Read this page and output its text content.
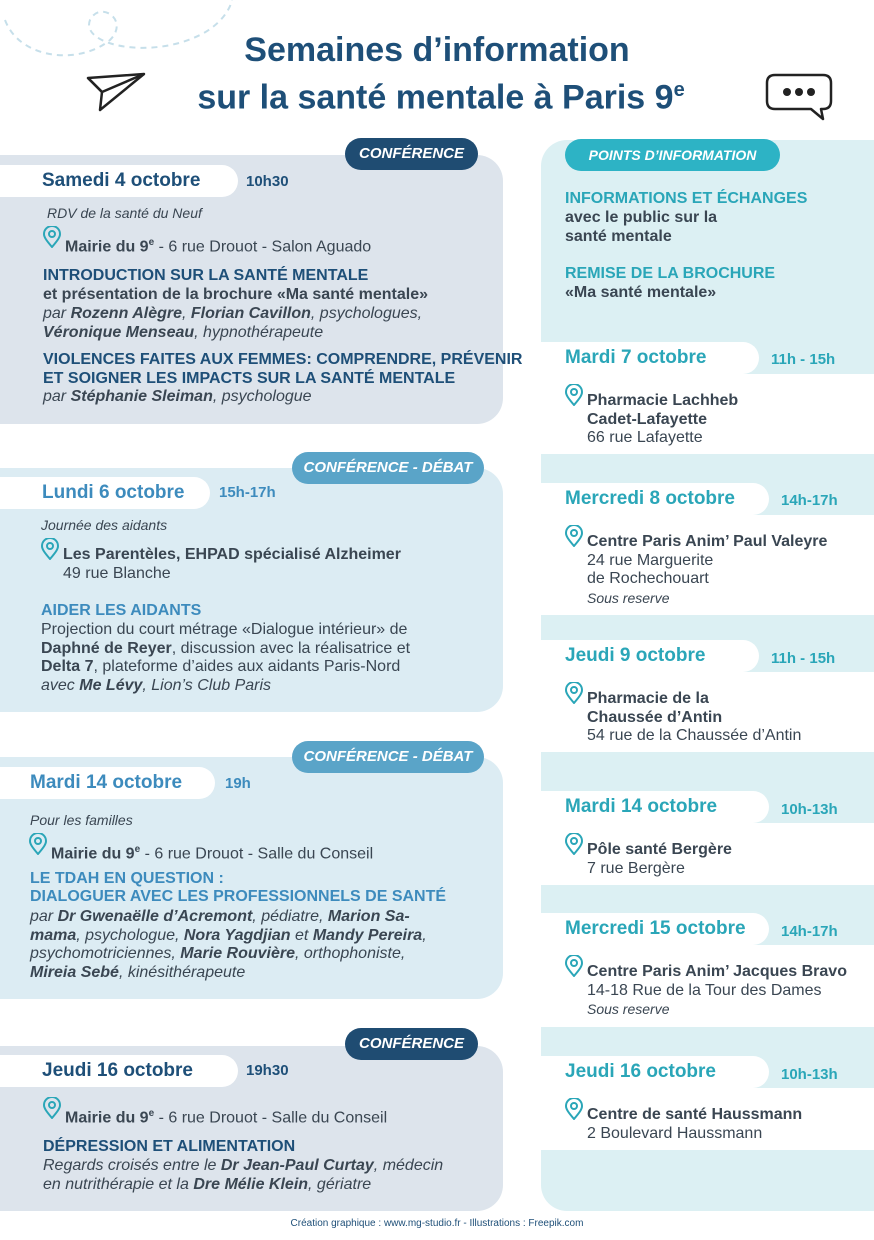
Semaines d’information
sur la santé mentale à Paris 9e
CONFÉRENCE
Samedi 4 octobre	10h30
RDV de la santé du Neuf
Mairie du 9e - 6 rue Drouot - Salon Aguado
INTRODUCTION SUR LA SANTÉ MENTALE
et présentation de la brochure «Ma santé mentale»
par Rozenn Alègre, Florian Cavillon, psychologues,
Véronique Menseau, hypnothérapeute
VIOLENCES FAITES AUX FEMMES: COMPRENDRE, PRÉVENIR
ET SOIGNER LES IMPACTS SUR LA SANTÉ MENTALE
par Stéphanie Sleiman, psychologue
CONFÉRENCE - DÉBAT
Lundi 6 octobre	15h-17h
Journée des aidants
Les Parentèles, EHPAD spécialisé Alzheimer
49 rue Blanche
AIDER LES AIDANTS
Projection du court métrage «Dialogue intérieur» de
Daphné de Reyer, discussion avec la réalisatrice et
Delta 7, plateforme d’aides aux aidants Paris-Nord
avec Me Lévy, Lion’s Club Paris
CONFÉRENCE - DÉBAT
Mardi 14 octobre	19h
Pour les familles
Mairie du 9e - 6 rue Drouot - Salle du Conseil
LE TDAH EN QUESTION :
DIALOGUER AVEC LES PROFESSIONNELS DE SANTÉ
par Dr Gwenaëlle d’Acremont, pédiatre, Marion Sa-
mama, psychologue, Nora Yagdjian et Mandy Pereira,
psychomotriciennes, Marie Rouvière, orthophoniste,
Mireia Sebé, kinésithérapeute
CONFÉRENCE
Jeudi 16 octobre	19h30
Mairie du 9e - 6 rue Drouot - Salle du Conseil
DÉPRESSION ET ALIMENTATION
Regards croisés entre le Dr Jean-Paul Curtay, médecin
en nutrithérapie et la Dre Mélie Klein, gériatre
POINTS D’INFORMATION
INFORMATIONS ET ÉCHANGES
avec le public sur la
santé mentale
REMISE DE LA BROCHURE
«Ma santé mentale»
Mardi 7 octobre	11h - 15h
Pharmacie Lachheb
Cadet-Lafayette
66 rue Lafayette
Mercredi 8 octobre	14h-17h
Centre Paris Anim’ Paul Valeyre
24 rue Marguerite
de Rochechouart
Sous reserve
Jeudi 9 octobre	11h - 15h
Pharmacie de la
Chaussée d’Antin
54 rue de la Chaussée d’Antin
Mardi 14 octobre	10h-13h
Pôle santé Bergère
7 rue Bergère
Mercredi 15 octobre	14h-17h
Centre Paris Anim’ Jacques Bravo
14-18 Rue de la Tour des Dames
Sous reserve
Jeudi 16 octobre	10h-13h
Centre de santé Haussmann
2 Boulevard Haussmann
Création graphique : www.mg-studio.fr - Illustrations : Freepik.com
